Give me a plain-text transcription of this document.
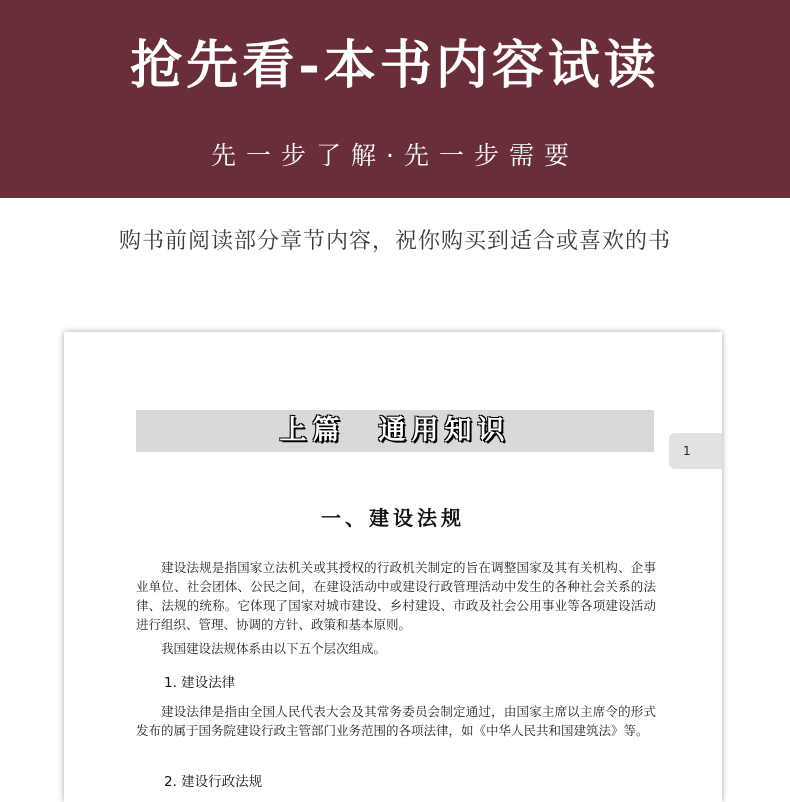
抢先看-本书内容试读
先一步了解·先一步需要
购书前阅读部分章节内容，祝你购买到适合或喜欢的书
上篇　通用知识
1
一、建设法规

建设法规是指国家立法机关或其授权的行政机关制定的旨在调整国家及其有关机构、企事业单位、社会团体、公民之间，在建设活动中或建设行政管理活动中发生的各种社会关系的法律、法规的统称。它体现了国家对城市建设、乡村建设、市政及社会公用事业等各项建设活动进行组织、管理、协调的方针、政策和基本原则。

我国建设法规体系由以下五个层次组成。

1. 建设法律

建设法律是指由全国人民代表大会及其常务委员会制定通过，由国家主席以主席令的形式发布的属于国务院建设行政主管部门业务范围的各项法律，如《中华人民共和国建筑法》等。

2. 建设行政法规
